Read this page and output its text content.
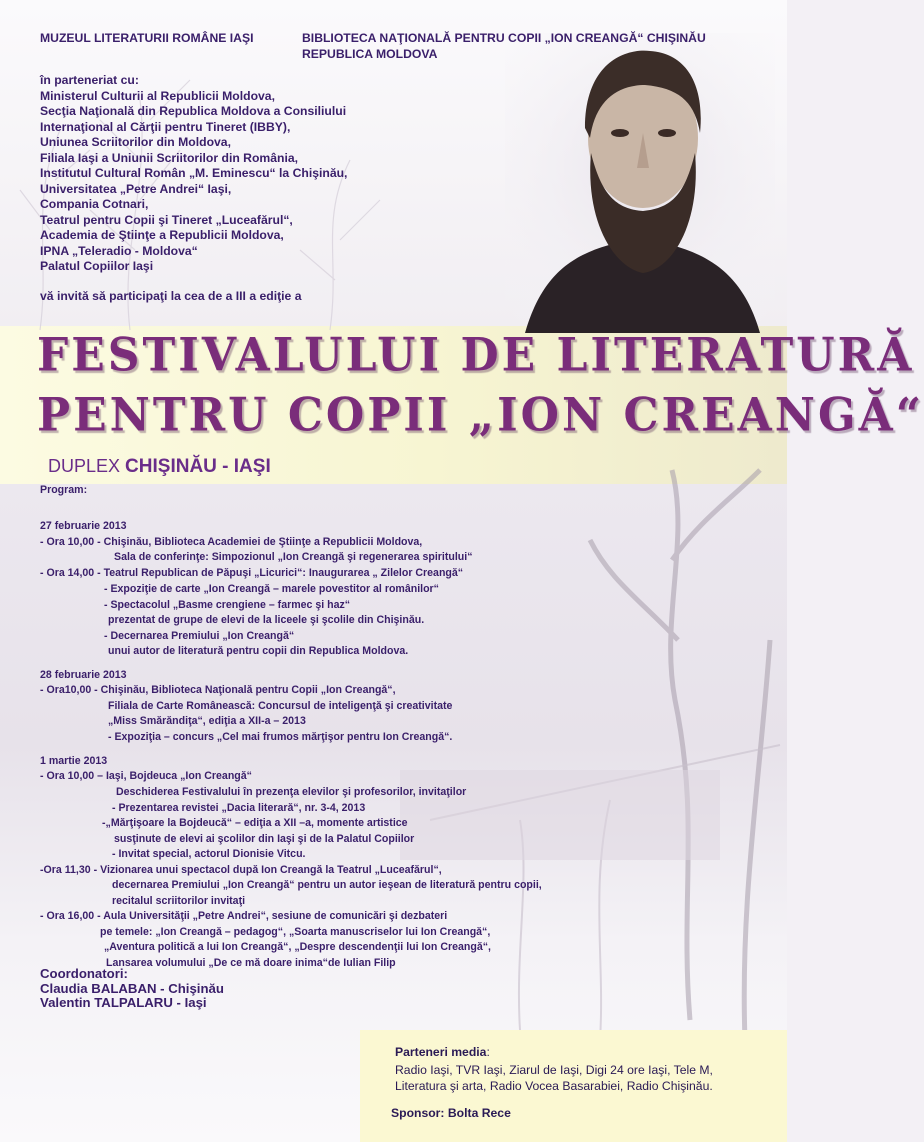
MUZEUL LITERATURII ROMÂNE IAŞI	BIBLIOTECA NAŢIONALĂ PENTRU COPII „ION CREANGĂ“ CHIŞINĂU
REPUBLICA MOLDOVA
în parteneriat cu:
Ministerul Culturii al Republicii Moldova,
Secţia Naţională din Republica Moldova a Consiliului
Internaţional al Cărţii pentru Tineret (IBBY),
Uniunea Scriitorilor din Moldova,
Filiala Iaşi a Uniunii Scriitorilor din România,
Institutul Cultural Român „M. Eminescu“ la Chişinău,
Universitatea „Petre Andrei“ Iaşi,
Compania Cotnari,
Teatrul pentru Copii şi Tineret „Luceafărul“,
Academia de Ştiinţe a Republicii Moldova,
IPNA „Teleradio - Moldova“
Palatul Copiilor Iaşi
vă invită să participaţi la cea de a III a ediţie a
FESTIVALULUI DE LITERATURĂ
PENTRU COPII „ION CREANGĂ“
DUPLEX CHIŞINĂU - IAŞI
Program:
27 februarie 2013
- Ora 10,00 - Chişinău, Biblioteca Academiei de Ştiinţe a Republicii Moldova,
Sala de conferinţe: Simpozionul „Ion Creangă şi regenerarea spiritului“
- Ora 14,00 - Teatrul Republican de Păpuşi „Licurici“: Inaugurarea „ Zilelor Creangă“
- Expoziţie de carte „Ion Creangă – marele povestitor al românilor“
- Spectacolul „Basme crengiene – farmec şi haz“
prezentat de grupe de elevi de la liceele şi şcolile din Chişinău.
- Decernarea Premiului „Ion Creangă“
unui autor de literatură pentru copii din Republica Moldova.
28 februarie 2013
- Ora10,00 - Chişinău, Biblioteca Naţională pentru Copii „Ion Creangă“,
Filiala de Carte Românească: Concursul de inteligenţă şi creativitate
„Miss Smărăndiţa“, ediţia a XII-a – 2013
- Expoziţia – concurs „Cel mai frumos mărţişor pentru Ion Creangă“.
1 martie 2013
- Ora 10,00 – Iaşi, Bojdeuca „Ion Creangă“
Deschiderea Festivalului în prezenţa elevilor şi profesorilor, invitaţilor
- Prezentarea revistei „Dacia literară“, nr. 3-4, 2013
-„Mărţişoare la Bojdeucă“ – ediţia a XII –a, momente artistice
susţinute de elevi ai şcolilor din Iaşi şi de la Palatul Copiilor
- Invitat special, actorul Dionisie Vitcu.
-Ora 11,30 - Vizionarea unui spectacol după Ion Creangă la Teatrul „Luceafărul“,
decernarea Premiului „Ion Creangă“ pentru un autor ieşean de literatură pentru copii,
recitalul scriitorilor invitaţi
- Ora 16,00 - Aula Universităţii „Petre Andrei“, sesiune de comunicări şi dezbateri
pe temele: „Ion Creangă – pedagog“, „Soarta manuscriselor lui Ion Creangă“,
„Aventura politică a lui Ion Creangă“, „Despre descendenţii lui Ion Creangă“,
Lansarea volumului „De ce mă doare inima“de Iulian Filip
Coordonatori:
Claudia BALABAN - Chişinău
Valentin TALPALARU - Iaşi
Parteneri media:
Radio Iaşi, TVR Iaşi, Ziarul de Iaşi, Digi 24 ore Iaşi, Tele M,
Literatura şi arta, Radio Vocea Basarabiei, Radio Chişinău.
Sponsor: Bolta Rece
